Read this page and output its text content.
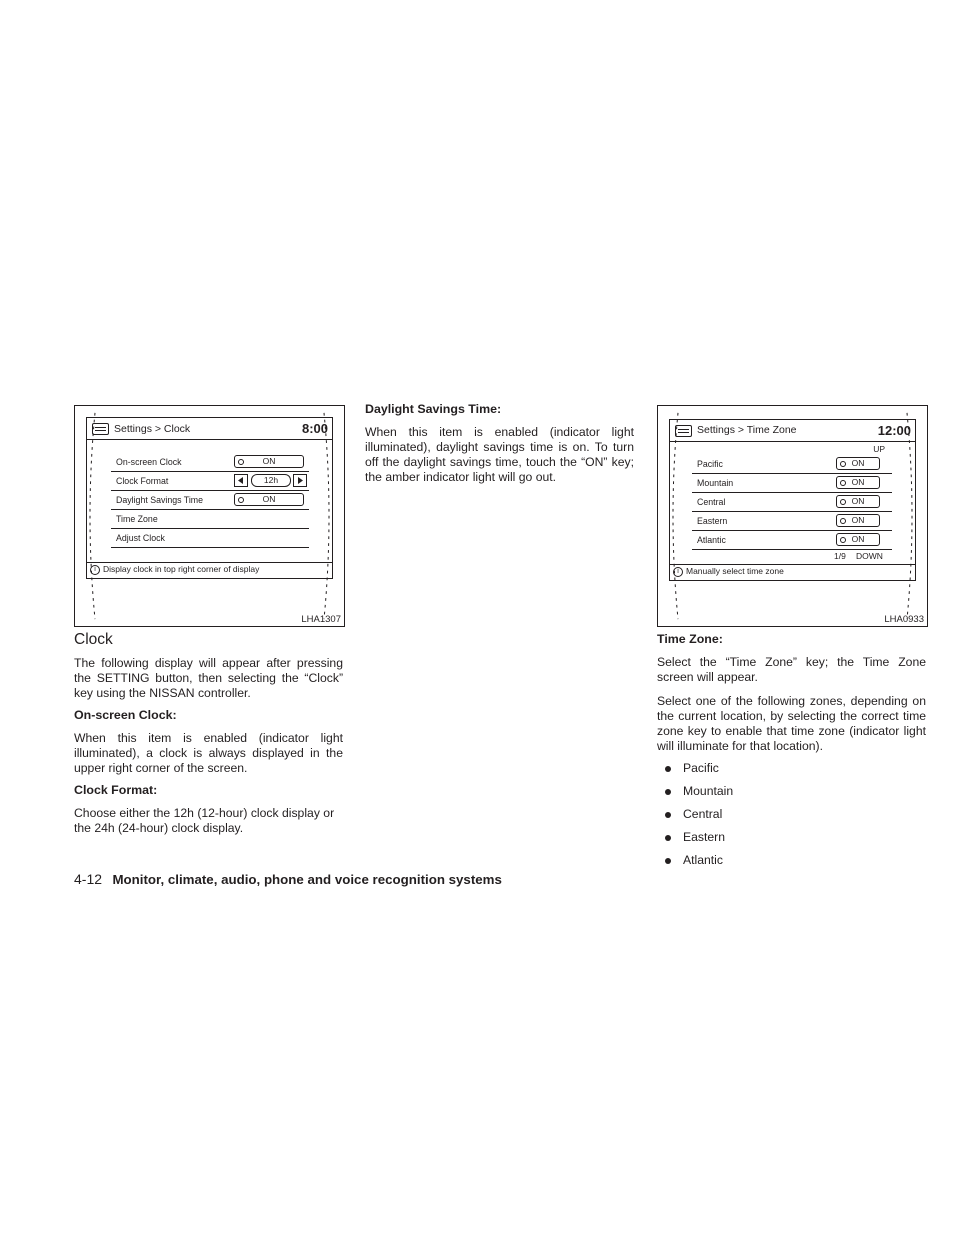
Settings > Clock	8:00
On-screen Clock	ON
Clock Format	12h
Daylight Savings Time	ON
Time Zone
Adjust Clock
i Display clock in top right corner of display
LHA1307
Clock

The following display will appear after pressing the SETTING button, then selecting the “Clock” key using the NISSAN controller.

On-screen Clock:

When this item is enabled (indicator light illuminated), a clock is always displayed in the upper right corner of the screen.

Clock Format:

Choose either the 12h (12-hour) clock display or the 24h (24-hour) clock display.

Daylight Savings Time:

When this item is enabled (indicator light illuminated), daylight savings time is on. To turn off the daylight savings time, touch the “ON” key; the amber indicator light will go out.

Settings > Time Zone	12:00
UP
Pacific	ON
Mountain	ON
Central	ON
Eastern	ON
Atlantic	ON
1/9 DOWN
i Manually select time zone
LHA0933

Time Zone:

Select the “Time Zone” key; the Time Zone screen will appear.

Select one of the following zones, depending on the current location, by selecting the correct time zone key to enable that time zone (indicator light will illuminate for that location).

Pacific
Mountain
Central
Eastern
Atlantic
4-12 Monitor, climate, audio, phone and voice recognition systems
